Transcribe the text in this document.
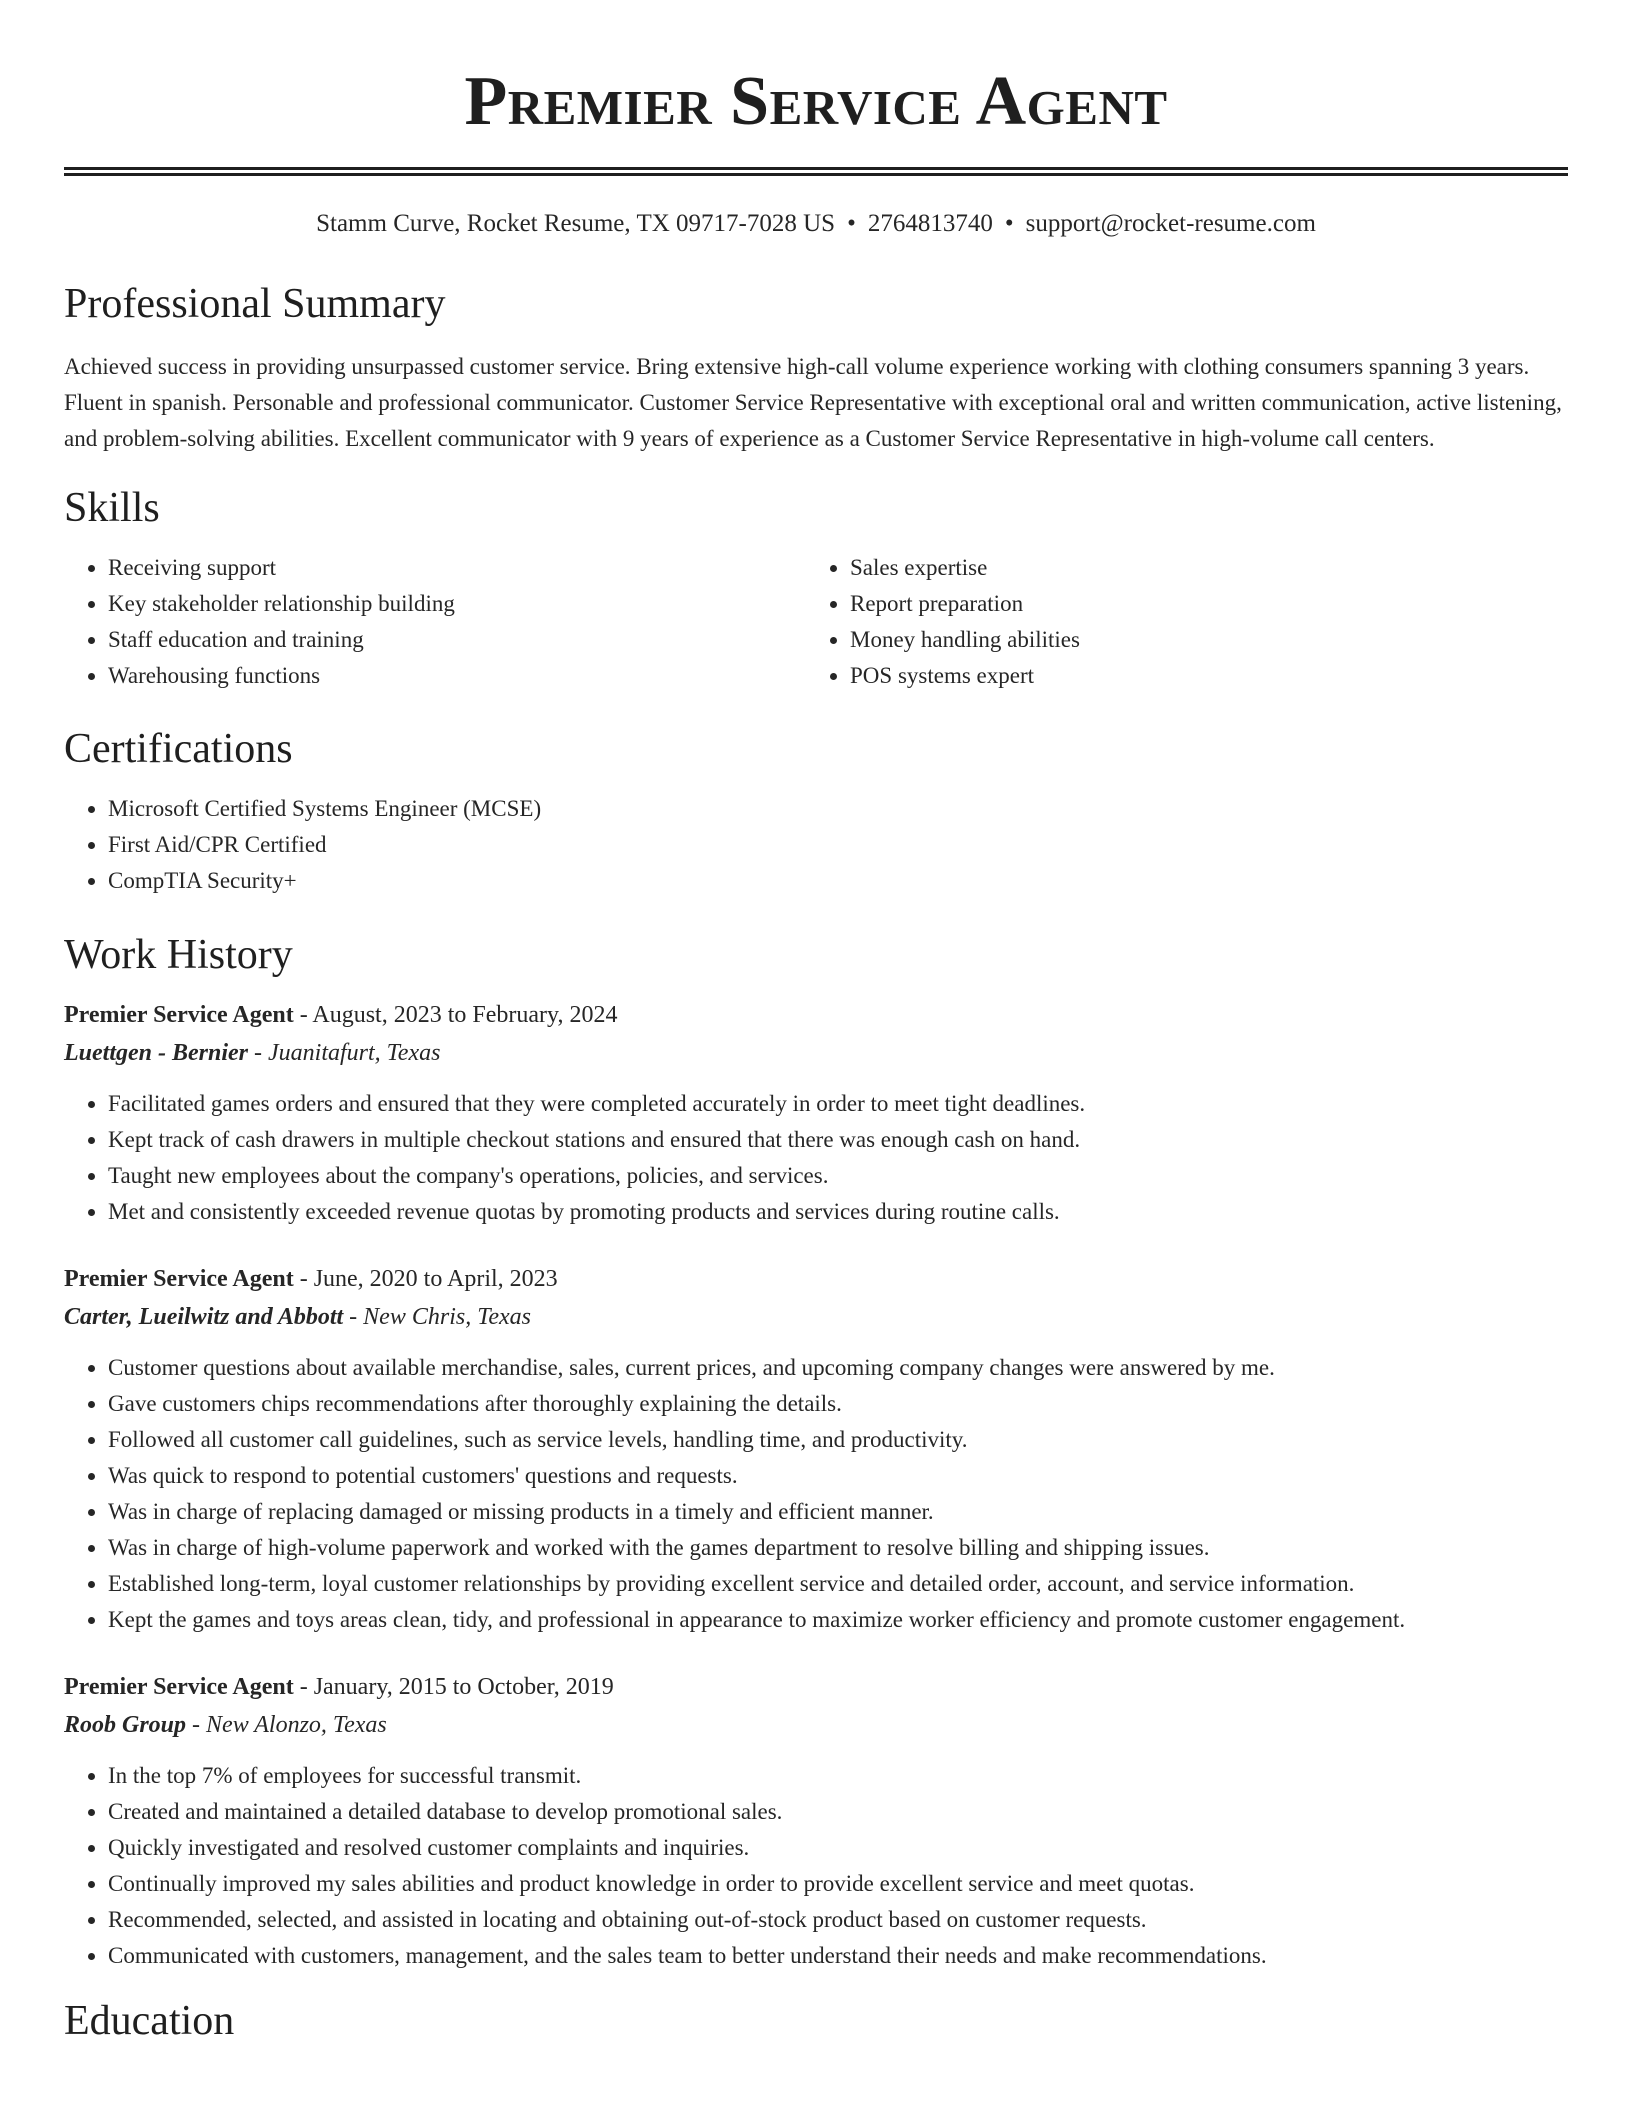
Premier Service Agent
Stamm Curve, Rocket Resume, TX 09717-7028 US • 2764813740 • support@rocket-resume.com
Professional Summary
Achieved success in providing unsurpassed customer service. Bring extensive high-call volume experience working with clothing consumers spanning 3 years. Fluent in spanish. Personable and professional communicator. Customer Service Representative with exceptional oral and written communication, active listening, and problem-solving abilities. Excellent communicator with 9 years of experience as a Customer Service Representative in high-volume call centers.
Skills
• Receiving support
• Key stakeholder relationship building
• Staff education and training
• Warehousing functions
• Sales expertise
• Report preparation
• Money handling abilities
• POS systems expert
Certifications
• Microsoft Certified Systems Engineer (MCSE)
• First Aid/CPR Certified
• CompTIA Security+
Work History
Premier Service Agent - August, 2023 to February, 2024
Luettgen - Bernier - Juanitafurt, Texas
• Facilitated games orders and ensured that they were completed accurately in order to meet tight deadlines.
• Kept track of cash drawers in multiple checkout stations and ensured that there was enough cash on hand.
• Taught new employees about the company's operations, policies, and services.
• Met and consistently exceeded revenue quotas by promoting products and services during routine calls.
Premier Service Agent - June, 2020 to April, 2023
Carter, Lueilwitz and Abbott - New Chris, Texas
• Customer questions about available merchandise, sales, current prices, and upcoming company changes were answered by me.
• Gave customers chips recommendations after thoroughly explaining the details.
• Followed all customer call guidelines, such as service levels, handling time, and productivity.
• Was quick to respond to potential customers' questions and requests.
• Was in charge of replacing damaged or missing products in a timely and efficient manner.
• Was in charge of high-volume paperwork and worked with the games department to resolve billing and shipping issues.
• Established long-term, loyal customer relationships by providing excellent service and detailed order, account, and service information.
• Kept the games and toys areas clean, tidy, and professional in appearance to maximize worker efficiency and promote customer engagement.
Premier Service Agent - January, 2015 to October, 2019
Roob Group - New Alonzo, Texas
• In the top 7% of employees for successful transmit.
• Created and maintained a detailed database to develop promotional sales.
• Quickly investigated and resolved customer complaints and inquiries.
• Continually improved my sales abilities and product knowledge in order to provide excellent service and meet quotas.
• Recommended, selected, and assisted in locating and obtaining out-of-stock product based on customer requests.
• Communicated with customers, management, and the sales team to better understand their needs and make recommendations.
Education
